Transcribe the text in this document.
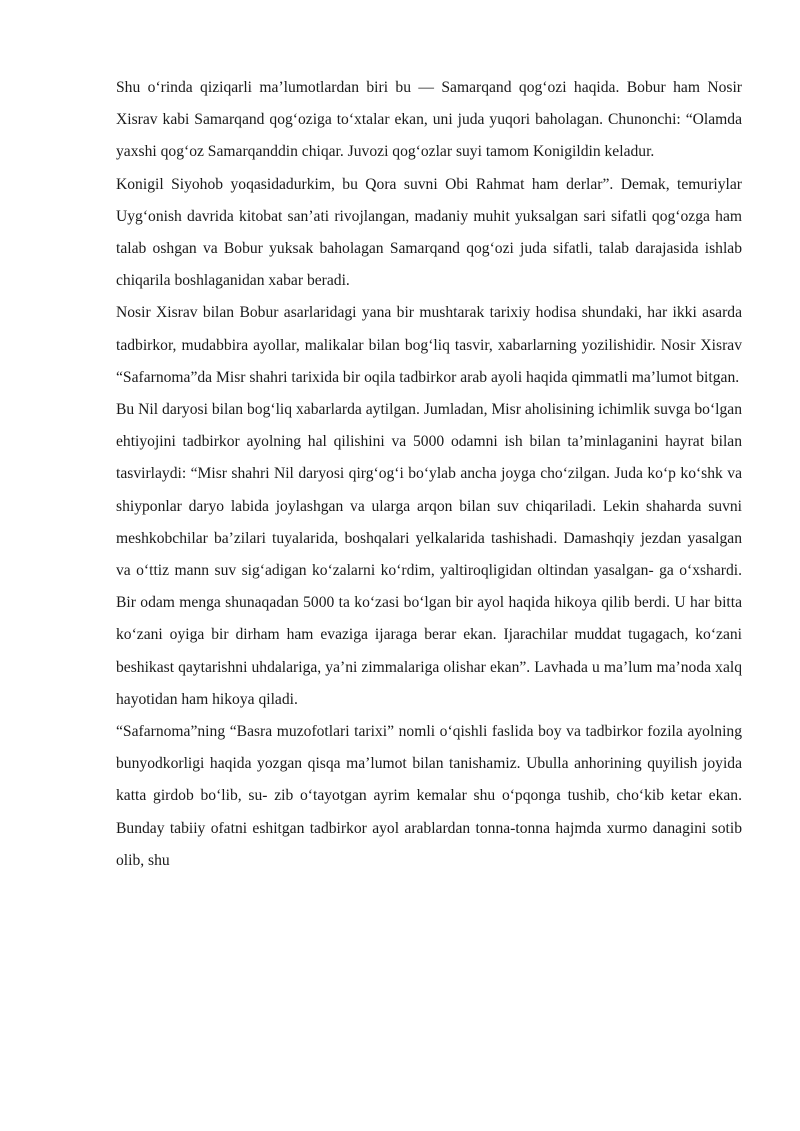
Shu o‘rinda qiziqarli ma’lumotlardan biri bu — Samarqand qog‘ozi haqida. Bobur ham Nosir Xisrav kabi Samarqand qog‘oziga to‘xtalar ekan, uni juda yuqori baholagan. Chunonchi: “Olamda yaxshi qog‘oz Samarqanddin chiqar. Juvozi qog‘ozlar suyi tamom Konigildin keladur.

Konigil Siyohob yoqasidadurkim, bu Qora suvni Obi Rahmat ham derlar”. Demak, temuriylar Uyg‘onish davrida kitobat san’ati rivojlangan, madaniy muhit yuksalgan sari sifatli qog‘ozga ham talab oshgan va Bobur yuksak baholagan Samarqand qog‘ozi juda sifatli, talab darajasida ishlab chiqarila boshlaganidan xabar beradi.

Nosir Xisrav bilan Bobur asarlaridagi yana bir mushtarak tarixiy hodisa shundaki, har ikki asarda tadbirkor, mudabbira ayollar, malikalar bilan bog‘liq tasvir, xabarlarning yozilishidir. Nosir Xisrav “Safarnoma”da Misr shahri tarixida bir oqila tadbirkor arab ayoli haqida qimmatli ma’lumot bitgan.

Bu Nil daryosi bilan bog‘liq xabarlarda aytilgan. Jumladan, Misr aholisining ichimlik suvga bo‘lgan ehtiyojini tadbirkor ayolning hal qilishini va 5000 odamni ish bilan ta’minlaganini hayrat bilan tasvirlaydi: “Misr shahri Nil daryosi qirg‘og‘i bo‘ylab ancha joyga cho‘zilgan. Juda ko‘p ko‘shk va shiyponlar daryo labida joylashgan va ularga arqon bilan suv chiqariladi. Lekin shaharda suvni meshkobchilar ba’zilari tuyalarida, boshqalari yelkalarida tashishadi. Damashqiy jezdan yasalgan va o‘ttiz mann suv sig‘adigan ko‘zalarni ko‘rdim, yaltiroqligidan oltindan yasalgan- ga o‘xshardi. Bir odam menga shunaqadan 5000 ta ko‘zasi bo‘lgan bir ayol haqida hikoya qilib berdi. U har bitta ko‘zani oyiga bir dirham ham evaziga ijaraga berar ekan. Ijarachilar muddat tugagach, ko‘zani beshikast qaytarishni uhdalariga, ya’ni zimmalariga olishar ekan”. Lavhada u ma’lum ma’noda xalq hayotidan ham hikoya qiladi.

“Safarnoma”ning “Basra muzofotlari tarixi” nomli o‘qishli faslida boy va tadbirkor fozila ayolning bunyodkorligi haqida yozgan qisqa ma’lumot bilan tanishamiz. Ubulla anhorining quyilish joyida katta girdob bo‘lib, su- zib o‘tayotgan ayrim kemalar shu o‘pqonga tushib, cho‘kib ketar ekan. Bunday tabiiy ofatni eshitgan tadbirkor ayol arablardan tonna-tonna hajmda xurmo danagini sotib olib, shu
